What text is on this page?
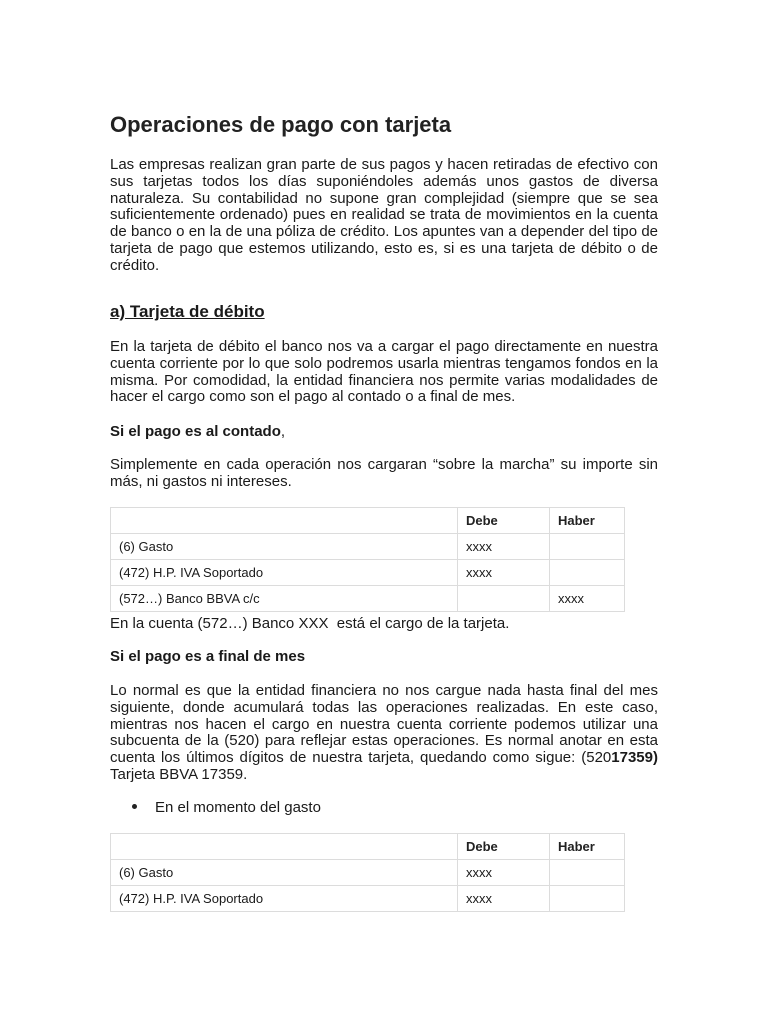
Operaciones de pago con tarjeta

Las empresas realizan gran parte de sus pagos y hacen retiradas de efectivo con sus tarjetas todos los días suponiéndoles además unos gastos de diversa naturaleza. Su contabilidad no supone gran complejidad (siempre que se sea suficientemente ordenado) pues en realidad se trata de movimientos en la cuenta de banco o en la de una póliza de crédito. Los apuntes van a depender del tipo de tarjeta de pago que estemos utilizando, esto es, si es una tarjeta de débito o de crédito.

a) Tarjeta de débito

En la tarjeta de débito el banco nos va a cargar el pago directamente en nuestra cuenta corriente por lo que solo podremos usarla mientras tengamos fondos en la misma. Por comodidad, la entidad financiera nos permite varias modalidades de hacer el cargo como son el pago al contado o a final de mes.

Si el pago es al contado,

Simplemente en cada operación nos cargaran “sobre la marcha” su importe sin más, ni gastos ni intereses.

	Debe	Haber
(6) Gasto	xxxx	
(472) H.P. IVA Soportado	xxxx	
(572…) Banco BBVA c/c		xxxx

En la cuenta (572…) Banco XXX  está el cargo de la tarjeta.

Si el pago es a final de mes

Lo normal es que la entidad financiera no nos cargue nada hasta final del mes siguiente, donde acumulará todas las operaciones realizadas. En este caso, mientras nos hacen el cargo en nuestra cuenta corriente podemos utilizar una subcuenta de la (520) para reflejar estas operaciones. Es normal anotar en esta cuenta los últimos dígitos de nuestra tarjeta, quedando como sigue: (52017359) Tarjeta BBVA 17359.

En el momento del gasto
	Debe	Haber
(6) Gasto	xxxx	
(472) H.P. IVA Soportado	xxxx	
